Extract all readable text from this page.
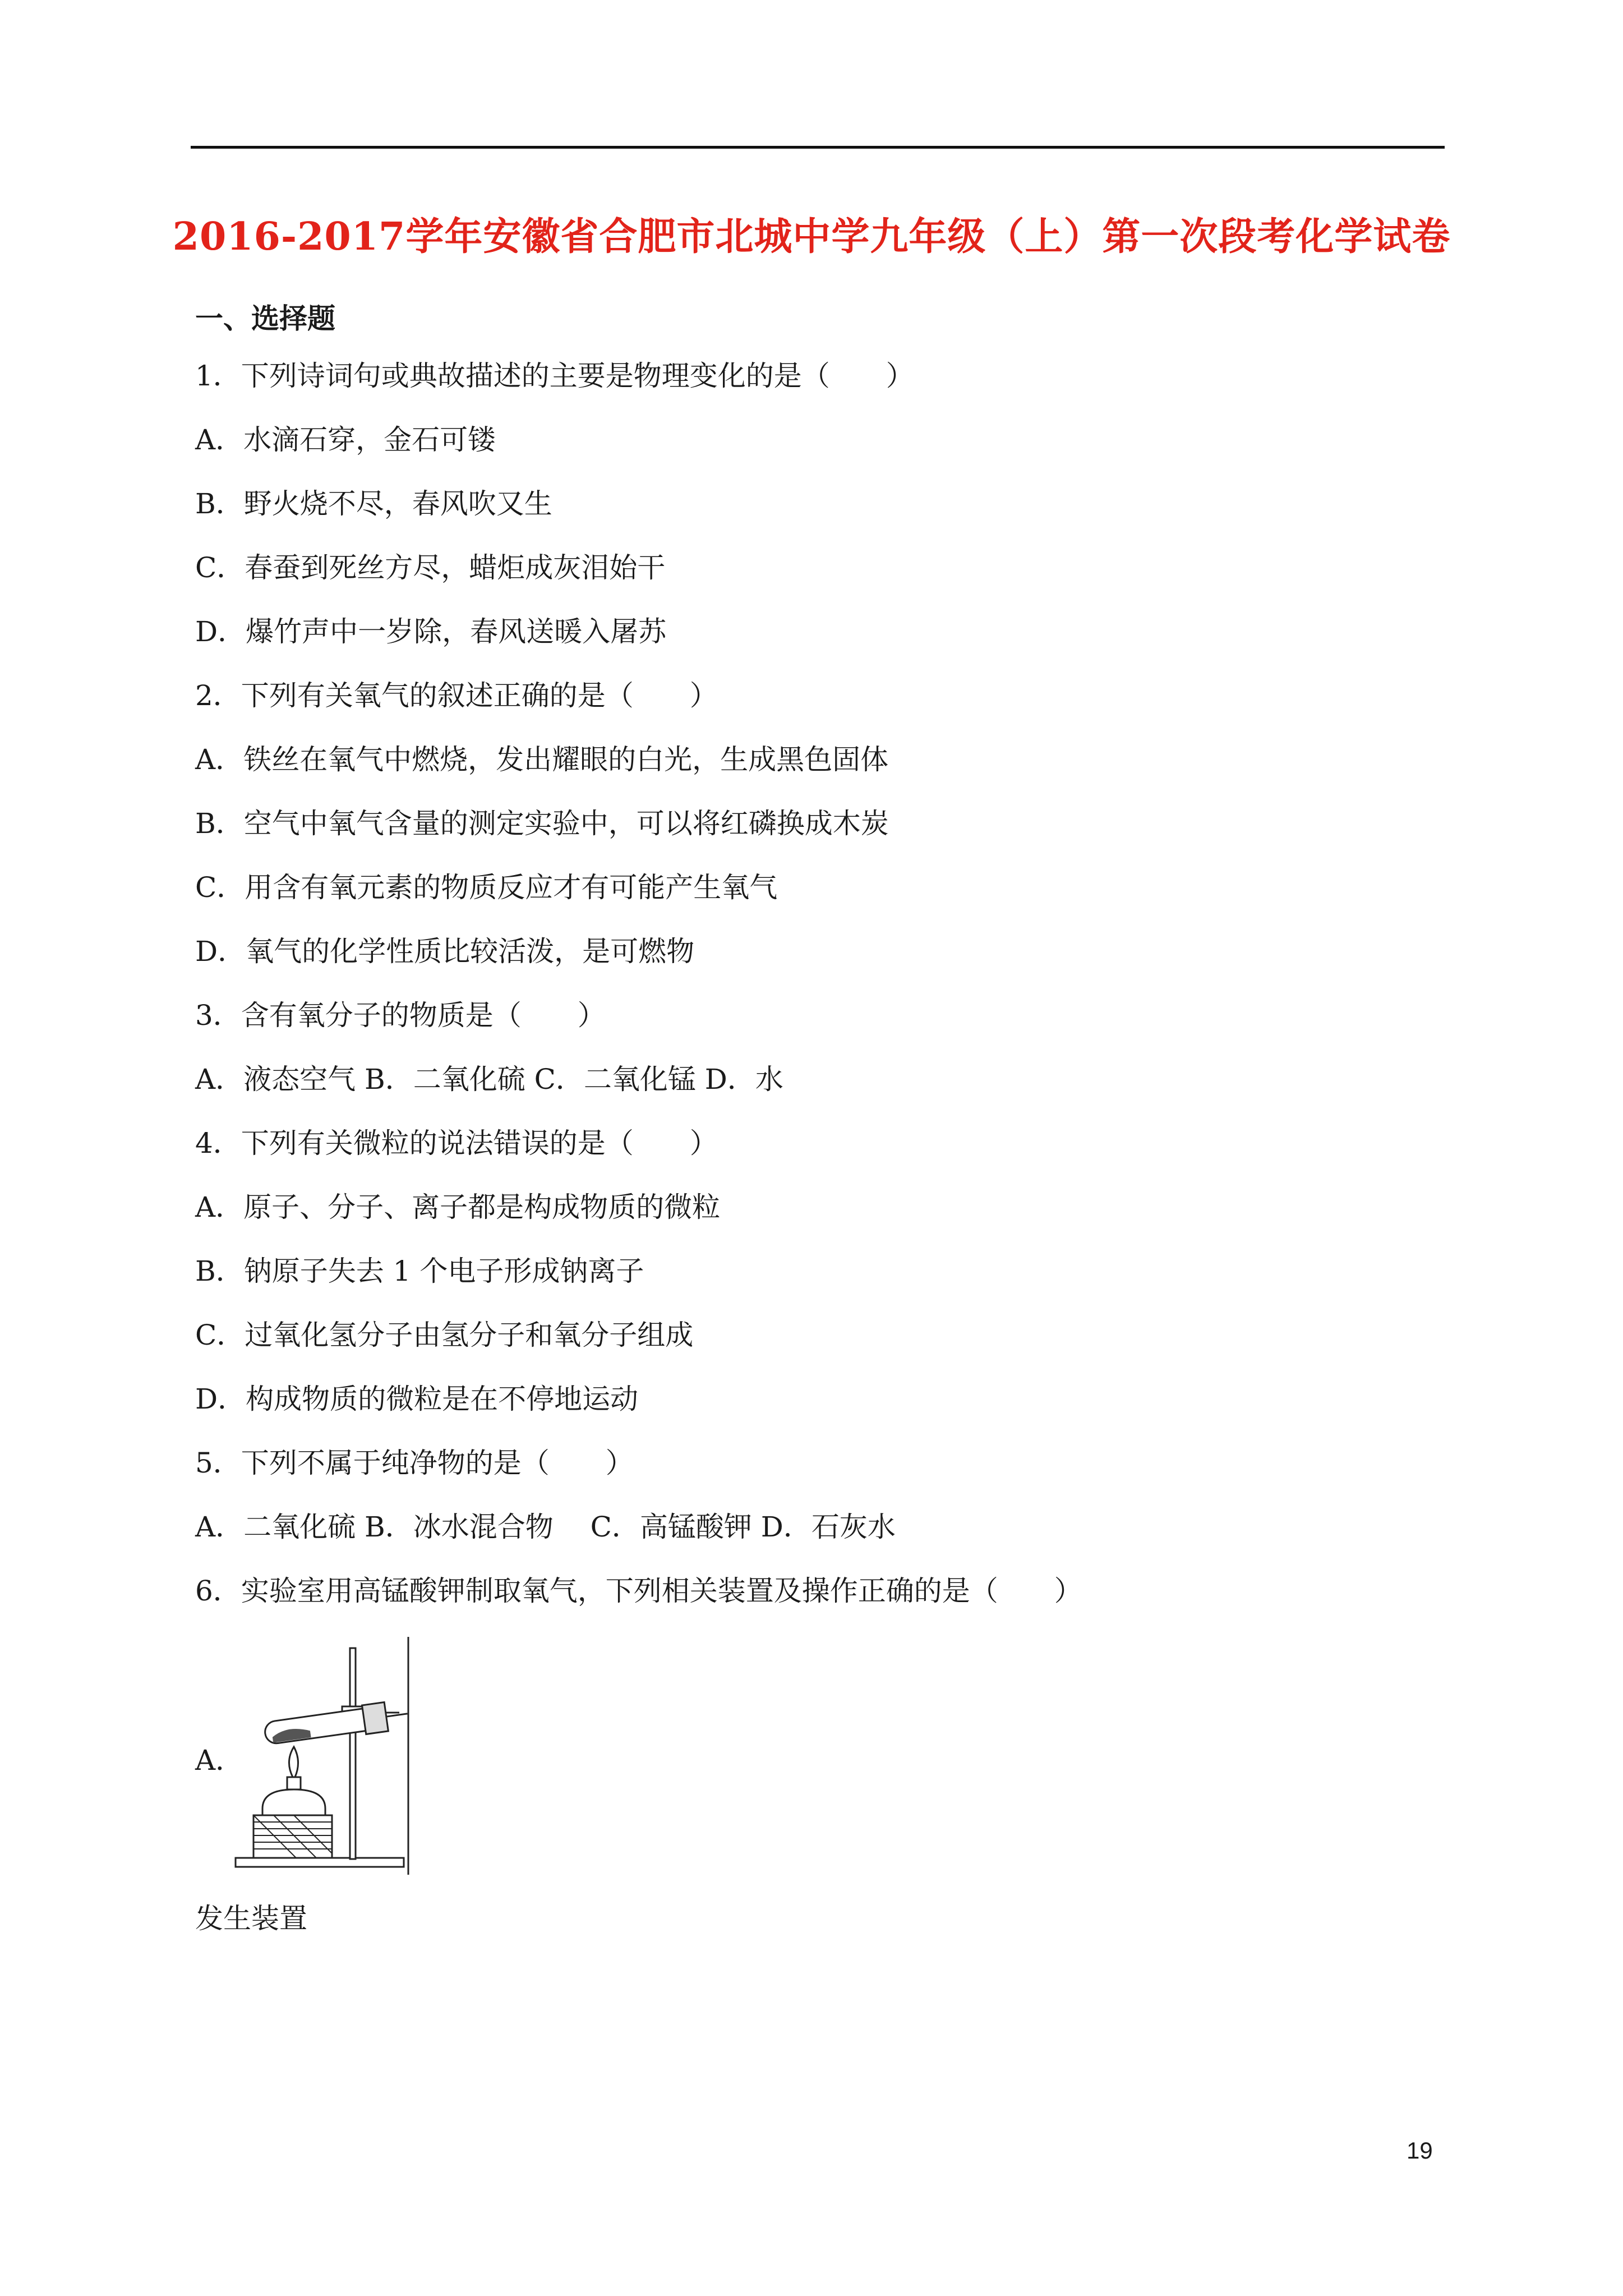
2016-2017学年安徽省合肥市北城中学九年级（上）第一次段考化学试卷
一、选择题
1．下列诗词句或典故描述的主要是物理变化的是（　　）
A．水滴石穿，金石可镂
B．野火烧不尽，春风吹又生
C．春蚕到死丝方尽，蜡炬成灰泪始干
D．爆竹声中一岁除，春风送暖入屠苏
2．下列有关氧气的叙述正确的是（　　）
A．铁丝在氧气中燃烧，发出耀眼的白光，生成黑色固体
B．空气中氧气含量的测定实验中，可以将红磷换成木炭
C．用含有氧元素的物质反应才有可能产生氧气
D．氧气的化学性质比较活泼，是可燃物
3．含有氧分子的物质是（　　）
A．液态空气 B．二氧化硫 C．二氧化锰 D．水
4．下列有关微粒的说法错误的是（　　）
A．原子、分子、离子都是构成物质的微粒
B．钠原子失去 1 个电子形成钠离子
C．过氧化氢分子由氢分子和氧分子组成
D．构成物质的微粒是在不停地运动
5．下列不属于纯净物的是（　　）
A．二氧化硫 B．冰水混合物　 C．高锰酸钾 D．石灰水
6．实验室用高锰酸钾制取氧气，下列相关装置及操作正确的是（　　）
A．
发生装置
19
